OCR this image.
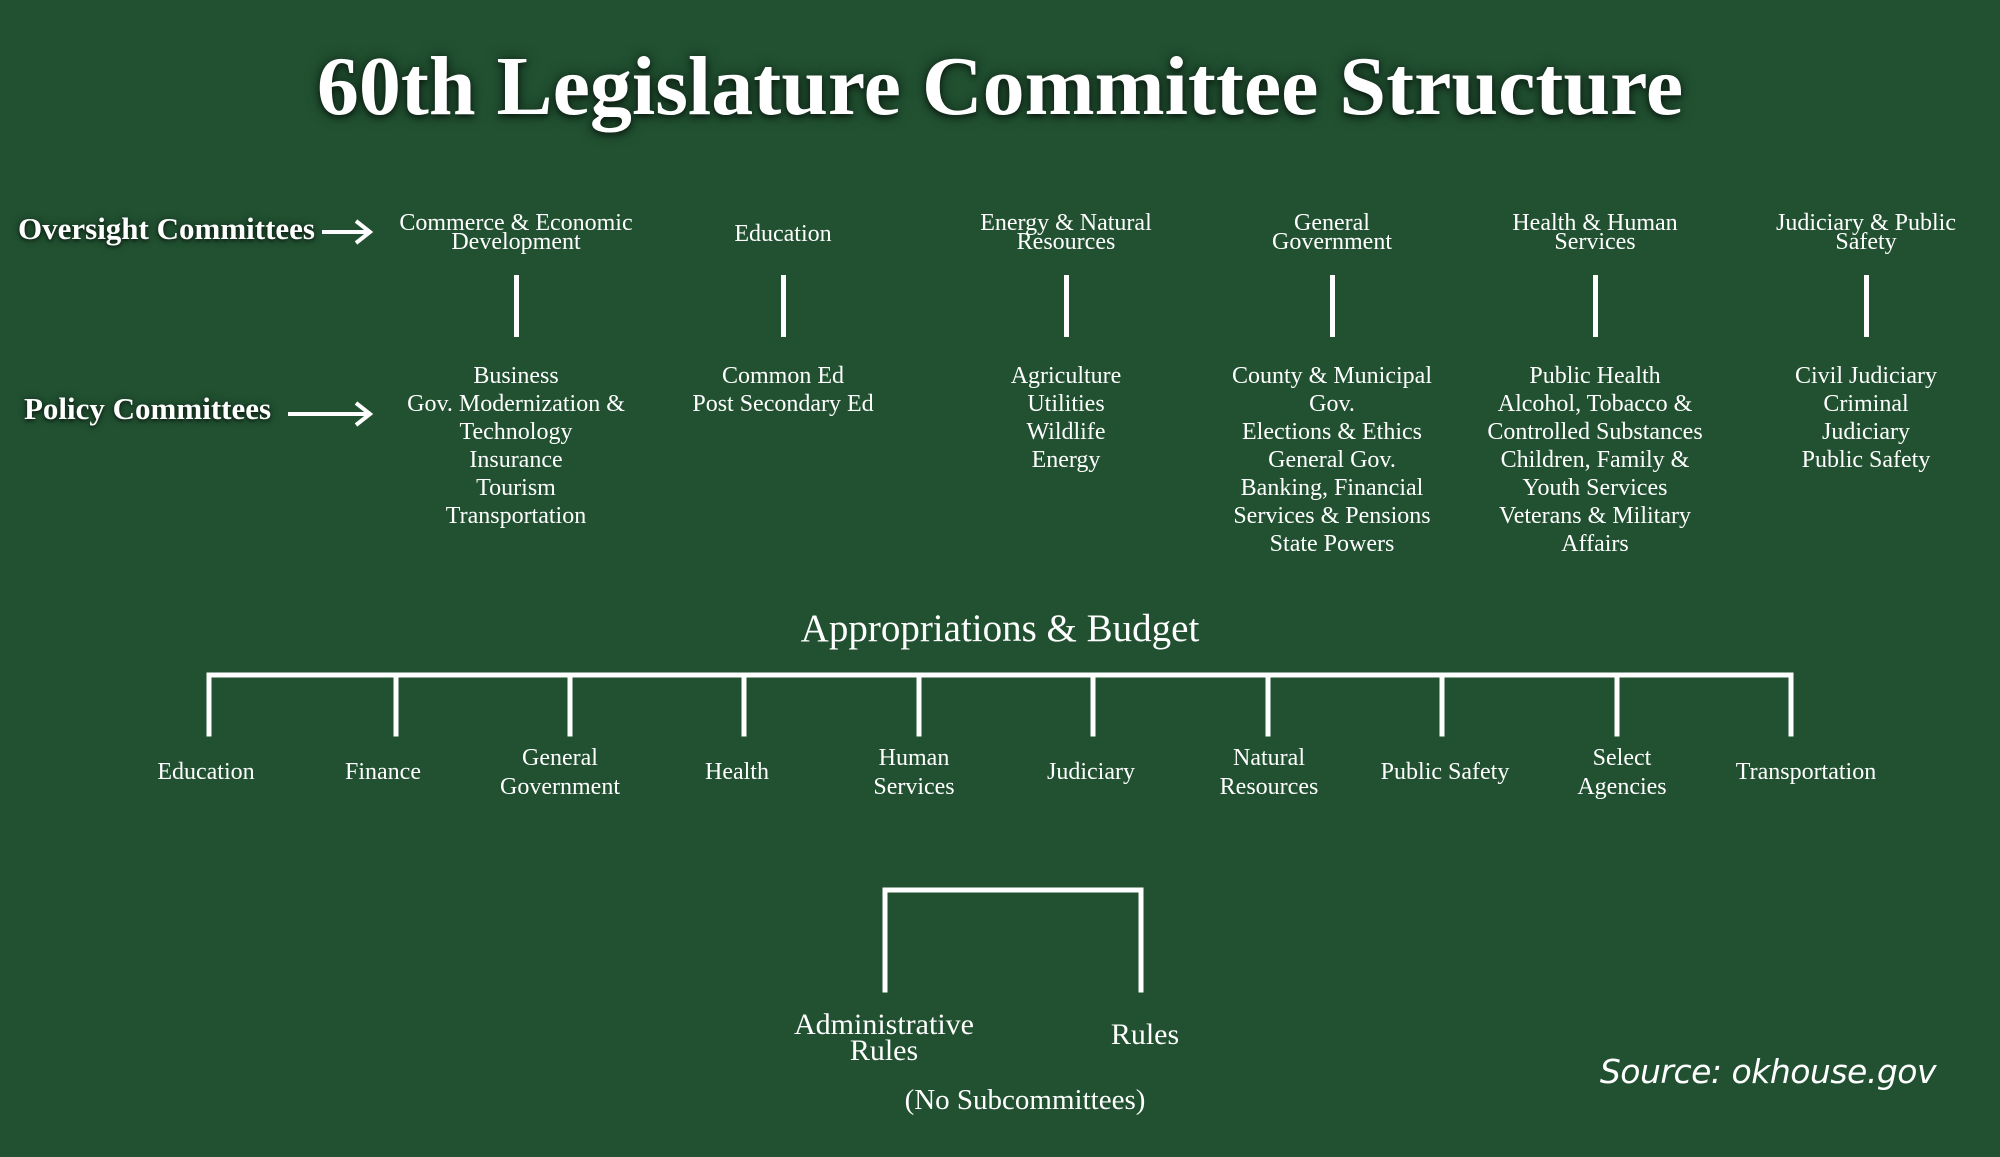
60th Legislature Committee Structure
Oversight Committees
Policy Committees
Commerce & Economic
Development
Business
Gov. Modernization &
Technology
Insurance
Tourism
Transportation
Education
Common Ed
Post Secondary Ed
Energy & Natural
Resources
Agriculture
Utilities
Wildlife
Energy
General
Government
County & Municipal
Gov.
Elections & Ethics
General Gov.
Banking, Financial
Services & Pensions
State Powers
Health & Human
Services
Public Health
Alcohol, Tobacco &
Controlled Substances
Children, Family &
Youth Services
Veterans & Military
Affairs
Judiciary & Public
Safety
Civil Judiciary
Criminal
Judiciary
Public Safety
Appropriations & Budget
Education	Finance
General
Government
Health
Human
Services
Judiciary
Natural
Resources
Public Safety
Select
Agencies
Transportation
Administrative
Rules	Rules
(No Subcommittees)
Source: okhouse.gov
